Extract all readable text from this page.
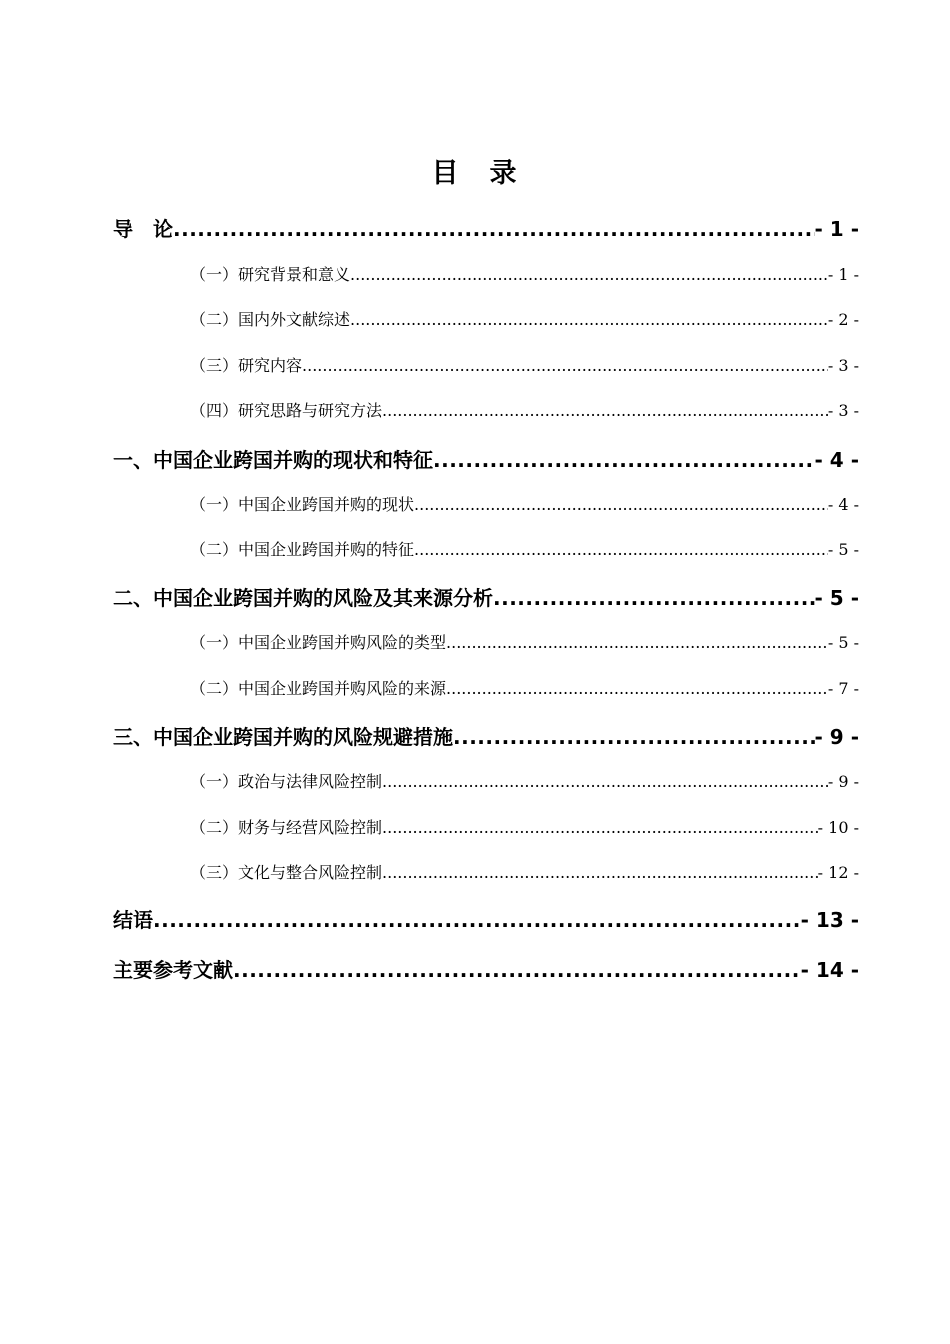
目　录
导　论 .....	- 1 -
（一）研究背景和意义 .....	- 1 -
（二）国内外文献综述 .....	- 2 -
（三）研究内容 .....	- 3 -
（四）研究思路与研究方法 .....	- 3 -
一、中国企业跨国并购的现状和特征 .....	- 4 -
（一）中国企业跨国并购的现状 .....	- 4 -
（二）中国企业跨国并购的特征 .....	- 5 -
二、中国企业跨国并购的风险及其来源分析 .....	- 5 -
（一）中国企业跨国并购风险的类型 .....	- 5 -
（二）中国企业跨国并购风险的来源 .....	- 7 -
三、中国企业跨国并购的风险规避措施 .....	- 9 -
（一）政治与法律风险控制 .....	- 9 -
（二）财务与经营风险控制 .....	- 10 -
（三）文化与整合风险控制 .....	- 12 -
结语 .....	- 13 -
主要参考文献 .....	- 14 -
